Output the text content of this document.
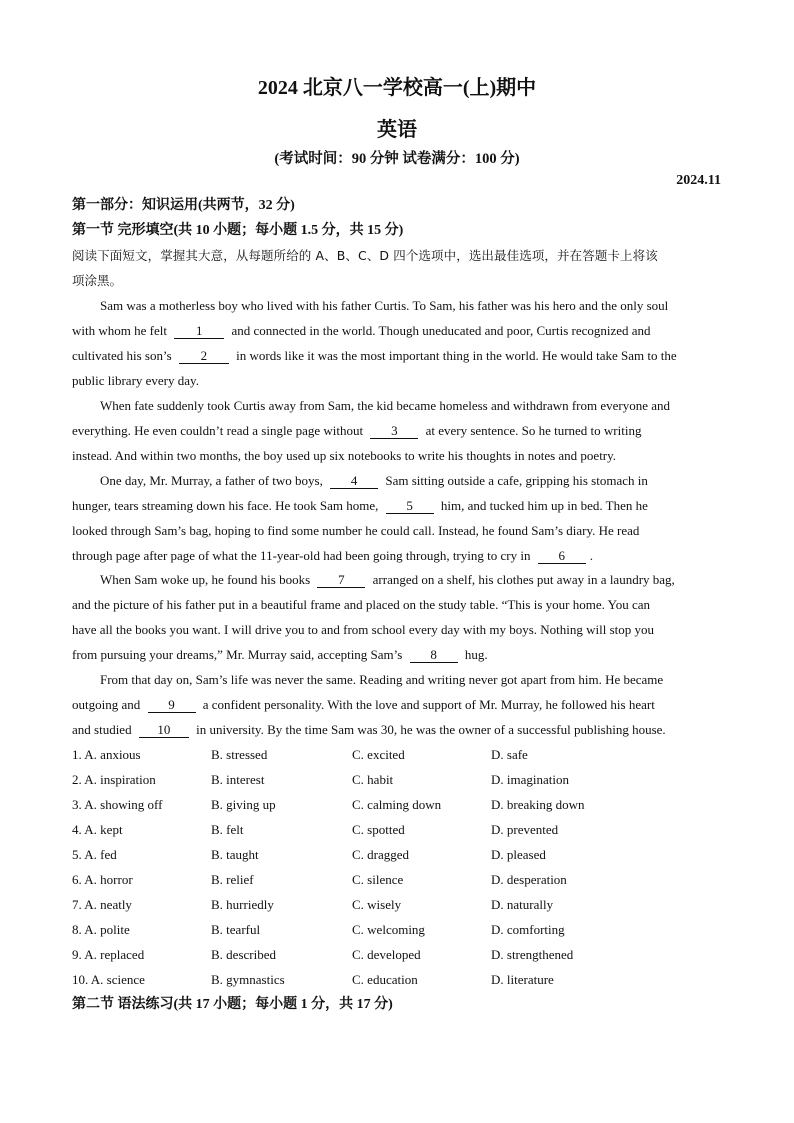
2024 北京八一学校高一(上)期中
英语
(考试时间：90 分钟 试卷满分：100 分)
2024.11
第一部分：知识运用(共两节，32 分)
第一节 完形填空(共 10 小题；每小题 1.5 分，共 15 分)
阅读下面短文，掌握其大意，从每题所给的 A、B、C、D 四个选项中，选出最佳选项，并在答题卡上将该
项涂黑。
Sam was a motherless boy who lived with his father Curtis. To Sam, his father was his hero and the only soul
with whom he felt 1 and connected in the world. Though uneducated and poor, Curtis recognized and
cultivated his son’s 2 in words like it was the most important thing in the world. He would take Sam to the
public library every day.
When fate suddenly took Curtis away from Sam, the kid became homeless and withdrawn from everyone and
everything. He even couldn’t read a single page without 3 at every sentence. So he turned to writing
instead. And within two months, the boy used up six notebooks to write his thoughts in notes and poetry.
One day, Mr. Murray, a father of two boys, 4 Sam sitting outside a cafe, gripping his stomach in
hunger, tears streaming down his face. He took Sam home, 5 him, and tucked him up in bed. Then he
looked through Sam’s bag, hoping to find some number he could call. Instead, he found Sam’s diary. He read
through page after page of what the 11-year-old had been going through, trying to cry in 6 .
When Sam woke up, he found his books 7 arranged on a shelf, his clothes put away in a laundry bag,
and the picture of his father put in a beautiful frame and placed on the study table. “This is your home. You can
have all the books you want. I will drive you to and from school every day with my boys. Nothing will stop you
from pursuing your dreams,” Mr. Murray said, accepting Sam’s 8 hug.
From that day on, Sam’s life was never the same. Reading and writing never got apart from him. He became
outgoing and 9 a confident personality. With the love and support of Mr. Murray, he followed his heart
and studied 10 in university. By the time Sam was 30, he was the owner of a successful publishing house.
1. A. anxious	B. stressed	C. excited	D. safe
2. A. inspiration	B. interest	C. habit	D. imagination
3. A. showing off	B. giving up	C. calming down	D. breaking down
4. A. kept	B. felt	C. spotted	D. prevented
5. A. fed	B. taught	C. dragged	D. pleased
6. A. horror	B. relief	C. silence	D. desperation
7. A. neatly	B. hurriedly	C. wisely	D. naturally
8. A. polite	B. tearful	C. welcoming	D. comforting
9. A. replaced	B. described	C. developed	D. strengthened
10. A. science	B. gymnastics	C. education	D. literature
第二节 语法练习(共 17 小题；每小题 1 分，共 17 分)
